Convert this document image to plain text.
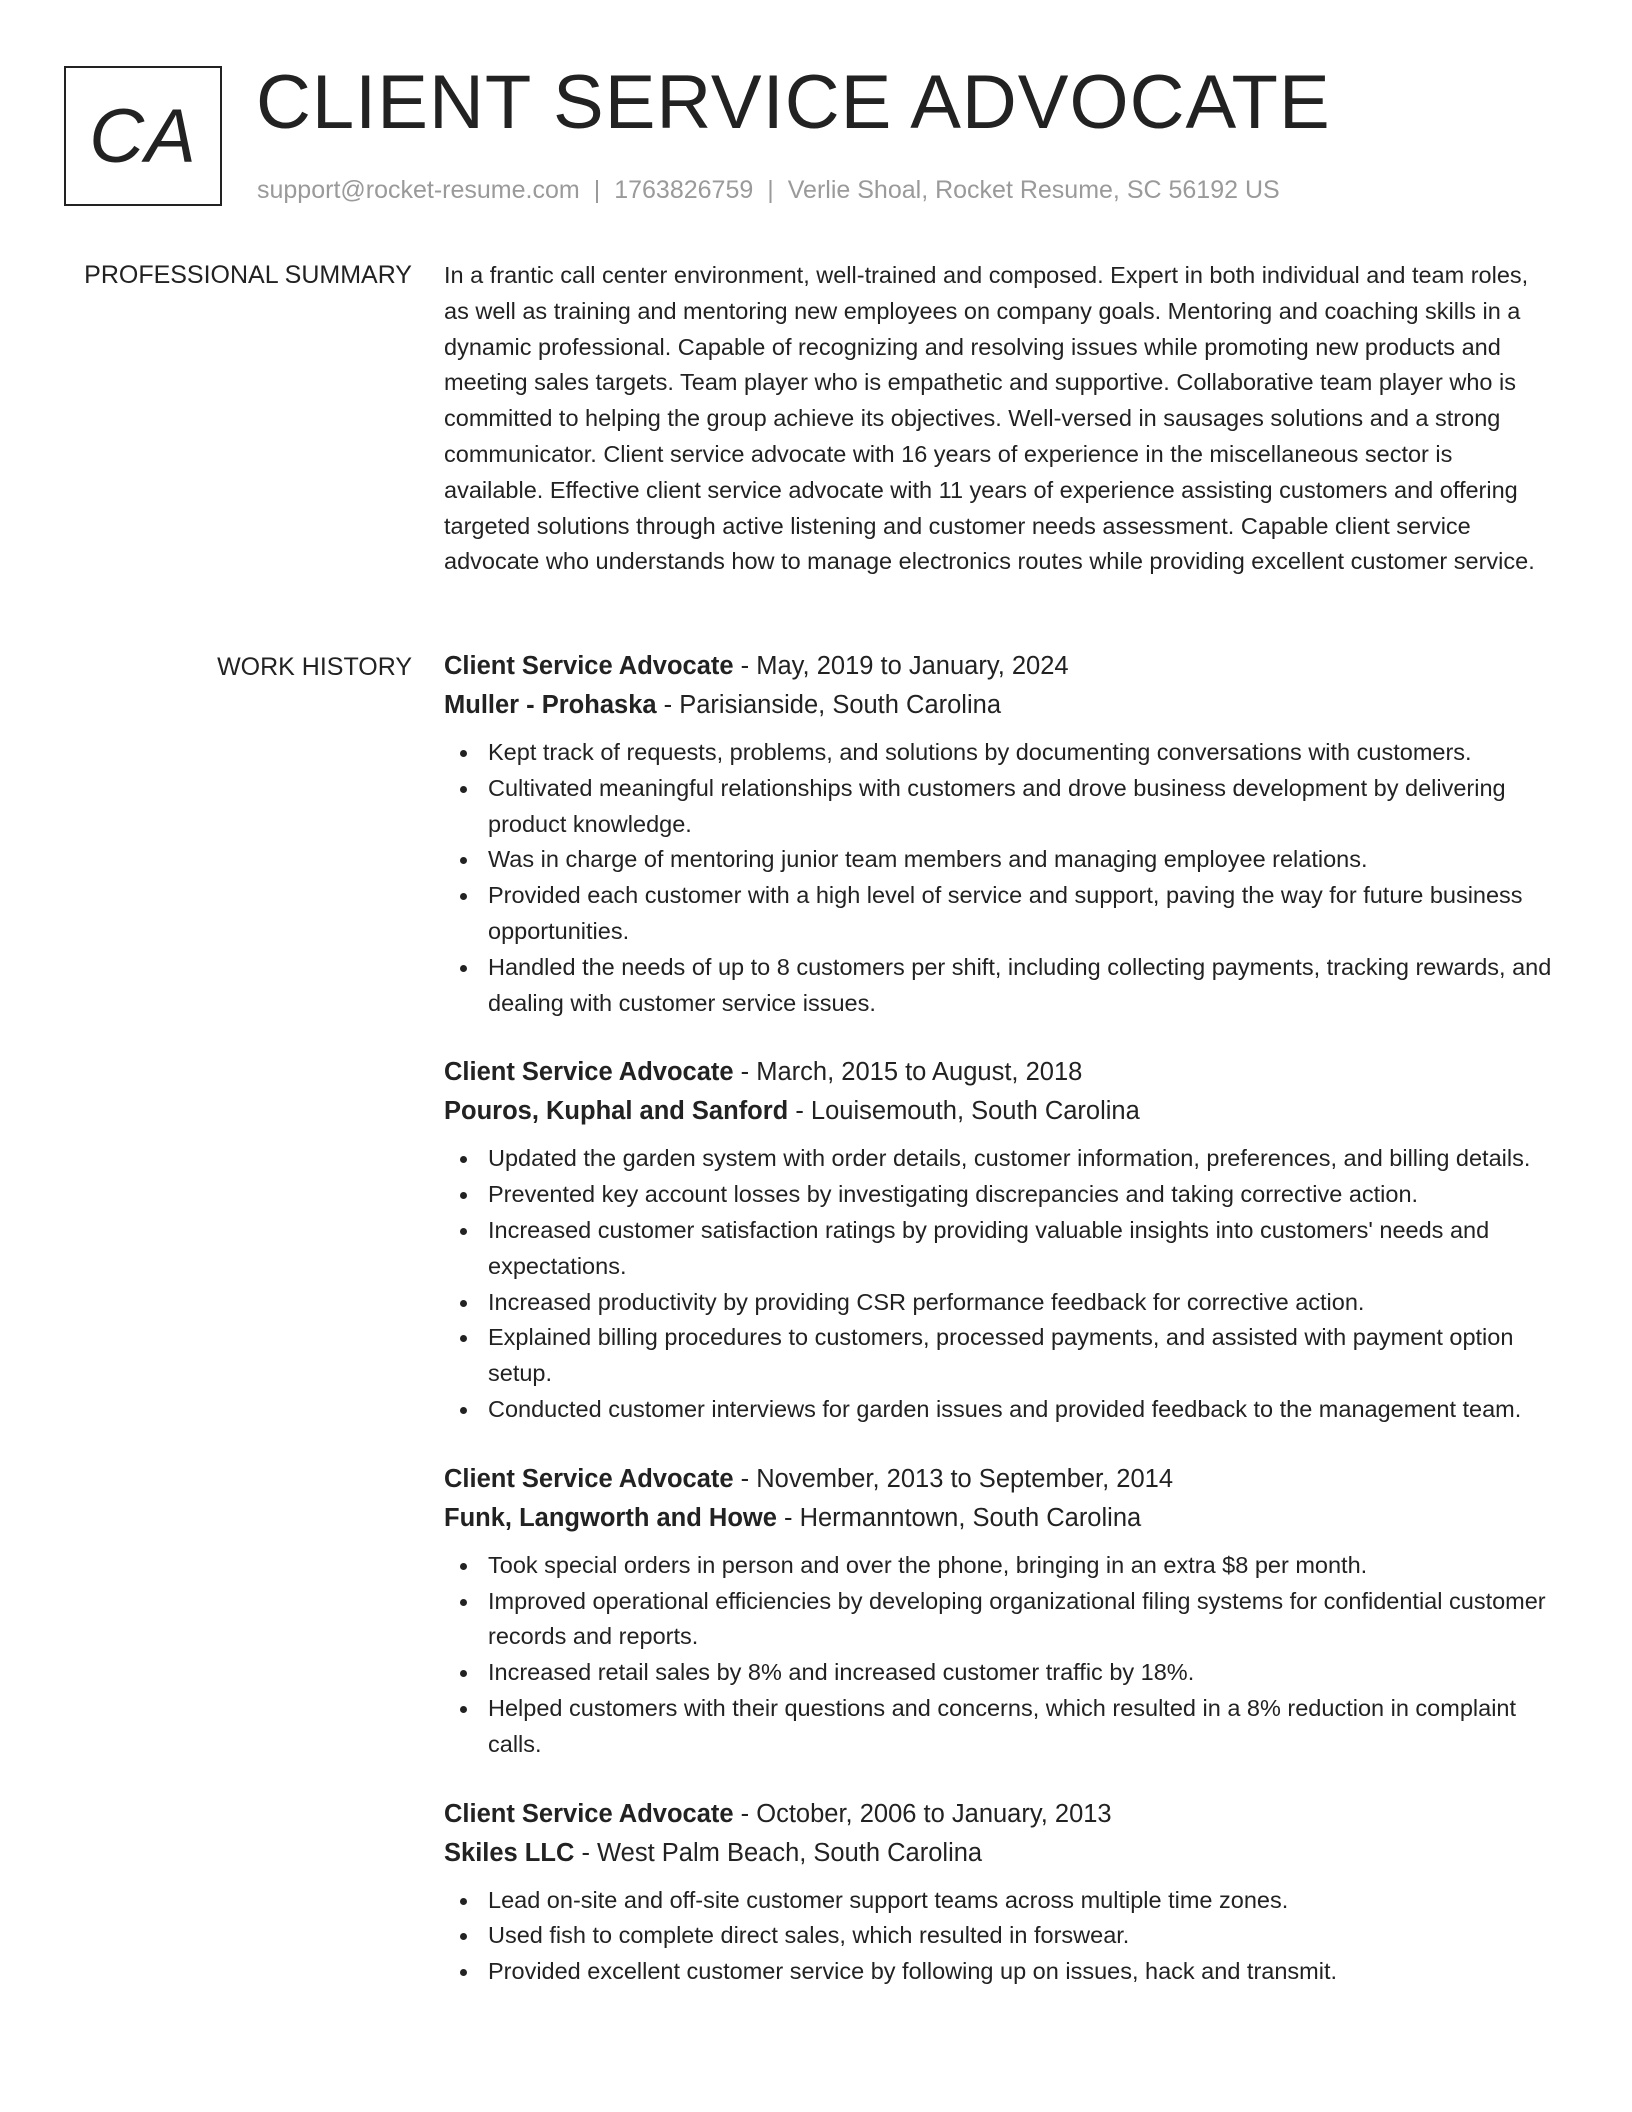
CA CLIENT SERVICE ADVOCATE
support@rocket-resume.com | 1763826759 | Verlie Shoal, Rocket Resume, SC 56192 US
PROFESSIONAL SUMMARY In a frantic call center environment, well-trained and composed. Expert in both individual and team roles, as well as training and mentoring new employees on company goals. Mentoring and coaching skills in a dynamic professional. Capable of recognizing and resolving issues while promoting new products and meeting sales targets. Team player who is empathetic and supportive. Collaborative team player who is committed to helping the group achieve its objectives. Well-versed in sausages solutions and a strong communicator. Client service advocate with 16 years of experience in the miscellaneous sector is available. Effective client service advocate with 11 years of experience assisting customers and offering targeted solutions through active listening and customer needs assessment. Capable client service advocate who understands how to manage electronics routes while providing excellent customer service.

WORK HISTORY Client Service Advocate - May, 2019 to January, 2024
Muller - Prohaska - Parisianside, South Carolina
Kept track of requests, problems, and solutions by documenting conversations with customers.
Cultivated meaningful relationships with customers and drove business development by delivering product knowledge.
Was in charge of mentoring junior team members and managing employee relations.
Provided each customer with a high level of service and support, paving the way for future business opportunities.
Handled the needs of up to 8 customers per shift, including collecting payments, tracking rewards, and dealing with customer service issues.
Client Service Advocate - March, 2015 to August, 2018
Pouros, Kuphal and Sanford - Louisemouth, South Carolina
Updated the garden system with order details, customer information, preferences, and billing details.
Prevented key account losses by investigating discrepancies and taking corrective action.
Increased customer satisfaction ratings by providing valuable insights into customers' needs and expectations.
Increased productivity by providing CSR performance feedback for corrective action.
Explained billing procedures to customers, processed payments, and assisted with payment option setup.
Conducted customer interviews for garden issues and provided feedback to the management team.
Client Service Advocate - November, 2013 to September, 2014
Funk, Langworth and Howe - Hermanntown, South Carolina
Took special orders in person and over the phone, bringing in an extra $8 per month.
Improved operational efficiencies by developing organizational filing systems for confidential customer records and reports.
Increased retail sales by 8% and increased customer traffic by 18%.
Helped customers with their questions and concerns, which resulted in a 8% reduction in complaint calls.
Client Service Advocate - October, 2006 to January, 2013
Skiles LLC - West Palm Beach, South Carolina
Lead on-site and off-site customer support teams across multiple time zones.
Used fish to complete direct sales, which resulted in forswear.
Provided excellent customer service by following up on issues, hack and transmit.
